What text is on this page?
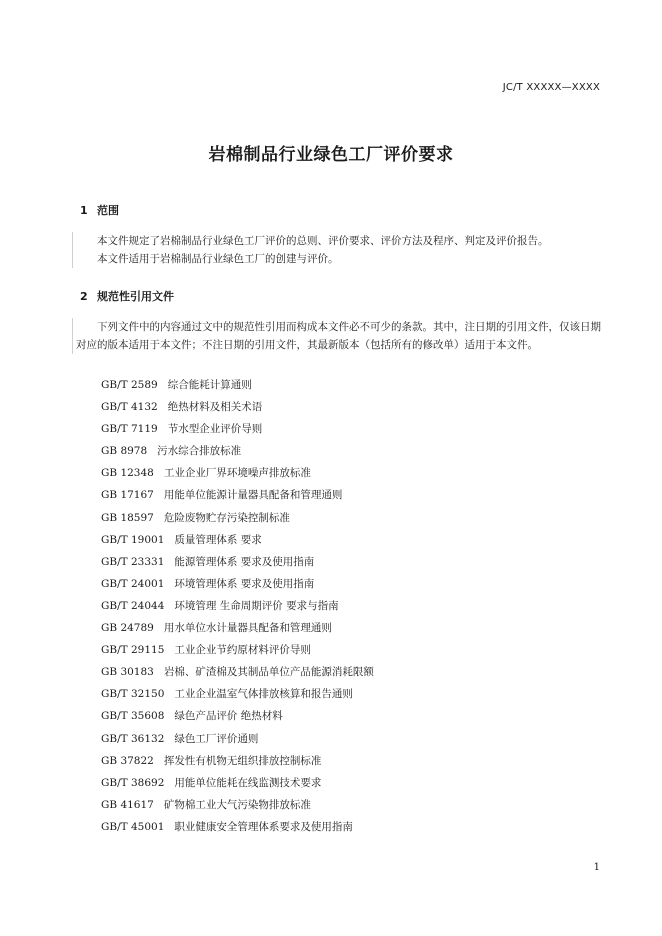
JC/T XXXXX—XXXX
岩棉制品行业绿色工厂评价要求
1 范围

本文件规定了岩棉制品行业绿色工厂评价的总则、评价要求、评价方法及程序、判定及评价报告。

本文件适用于岩棉制品行业绿色工厂的创建与评价。

2 规范性引用文件

下列文件中的内容通过文中的规范性引用而构成本文件必不可少的条款。其中，注日期的引用文件，仅该日期对应的版本适用于本文件；不注日期的引用文件，其最新版本（包括所有的修改单）适用于本文件。

GB/T 2589 综合能耗计算通则
GB/T 4132 绝热材料及相关术语
GB/T 7119 节水型企业评价导则
GB 8978 污水综合排放标准
GB 12348 工业企业厂界环境噪声排放标准
GB 17167 用能单位能源计量器具配备和管理通则
GB 18597 危险废物贮存污染控制标准
GB/T 19001 质量管理体系 要求
GB/T 23331 能源管理体系 要求及使用指南
GB/T 24001 环境管理体系 要求及使用指南
GB/T 24044 环境管理 生命周期评价 要求与指南
GB 24789 用水单位水计量器具配备和管理通则
GB/T 29115 工业企业节约原材料评价导则
GB 30183 岩棉、矿渣棉及其制品单位产品能源消耗限额
GB/T 32150 工业企业温室气体排放核算和报告通则
GB/T 35608 绿色产品评价 绝热材料
GB/T 36132 绿色工厂评价通则
GB 37822 挥发性有机物无组织排放控制标准
GB/T 38692 用能单位能耗在线监测技术要求
GB 41617 矿物棉工业大气污染物排放标准
GB/T 45001 职业健康安全管理体系要求及使用指南
1
